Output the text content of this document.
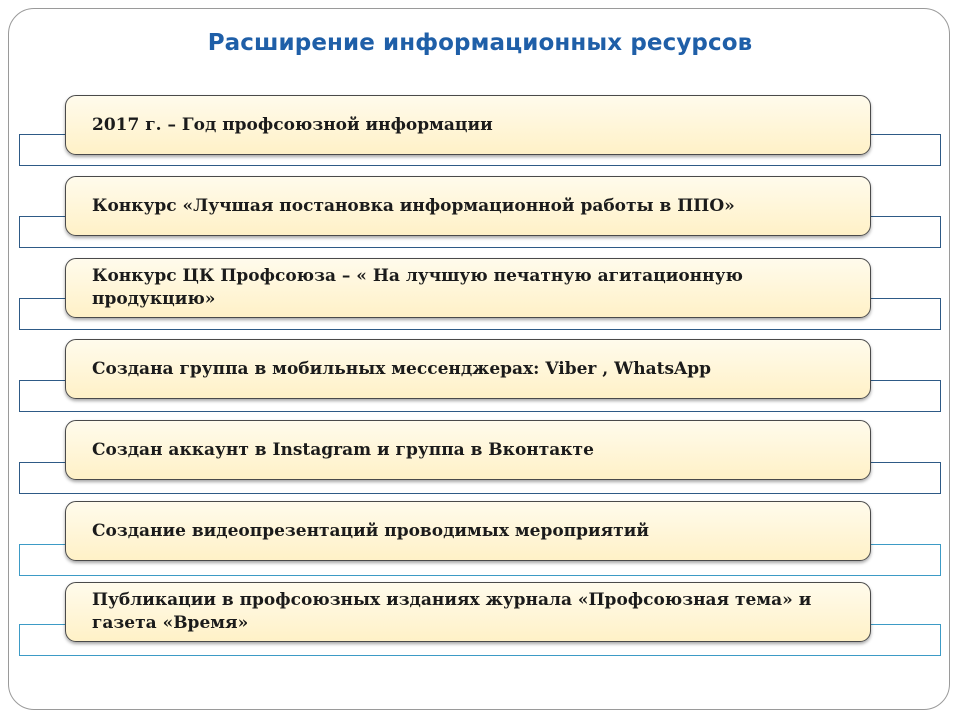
Расширение информационных ресурсов
2017 г. – Год профсоюзной информации
Конкурс «Лучшая постановка информационной работы в ППО»
Конкурс ЦК Профсоюза – « На лучшую печатную агитационную продукцию»
Создана группа в мобильных мессенджерах: Viber , WhatsApp
Создан аккаунт в Instagram и группа в Вконтакте
Создание видеопрезентаций проводимых мероприятий
Публикации в профсоюзных изданиях журнала «Профсоюзная тема» и газета «Время»
